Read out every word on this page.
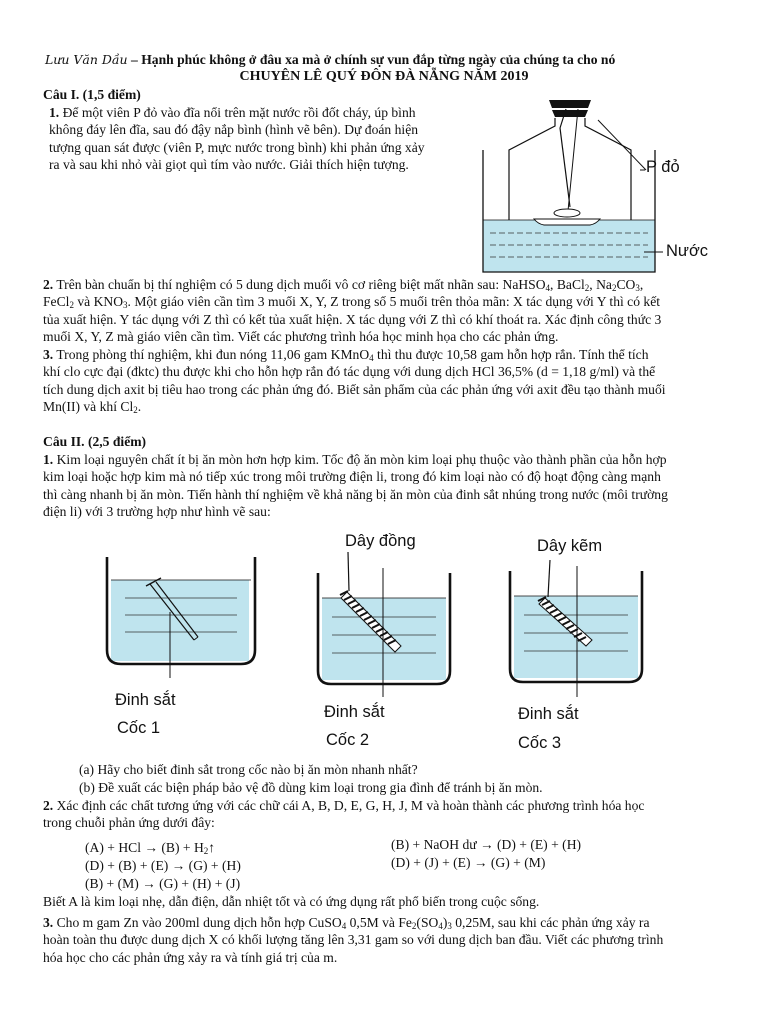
Lưu Văn Dầu – Hạnh phúc không ở đâu xa mà ở chính sự vun đắp từng ngày của chúng ta cho nó
CHUYÊN LÊ QUÝ ĐÔN ĐÀ NẴNG NĂM 2019
Câu I. (1,5 điểm)
1. Để một viên P đỏ vào đĩa nổi trên mặt nước rồi đốt cháy, úp bình
không đáy lên đĩa, sau đó đậy nắp bình (hình vẽ bên). Dự đoán hiện
tượng quan sát được (viên P, mực nước trong bình) khi phản ứng xảy
ra và sau khi nhỏ vài giọt quì tím vào nước. Giải thích hiện tượng.	P đỏ
Nước
2. Trên bàn chuẩn bị thí nghiệm có 5 dung dịch muối vô cơ riêng biệt mất nhãn sau: NaHSO$_4$, BaCl$_2$, $Na_2CO_3$,
FeCl$_2$ và $KNO_3$. Một giáo viên cần tìm 3 muối X, Y, Z trong số 5 muối trên thỏa mãn: X tác dụng với Y thì có kết
tủa xuất hiện. Y tác dụng với Z thì có kết tủa xuất hiện. X tác dụng với Z thì có khí thoát ra. Xác định công thức 3
muối X, Y, Z mà giáo viên cần tìm. Viết các phương trình hóa học minh họa cho các phản ứng.
3. Trong phòng thí nghiệm, khi đun nóng 11,06 gam KMnO$_4$ thì thu được 10,58 gam hỗn hợp rắn. Tính thể tích
khí clo cực đại (đktc) thu được khi cho hỗn hợp rắn đó tác dụng với dung dịch HCl 36,5% (d = 1,18 g/ml) và thể
tích dung dịch axit bị tiêu hao trong các phản ứng đó. Biết sản phẩm của các phản ứng với axit đều tạo thành muối
Mn(II) và khí $Cl_2$.
Câu II. (2,5 điểm)
1. Kim loại nguyên chất ít bị ăn mòn hơn hợp kim. Tốc độ ăn mòn kim loại phụ thuộc vào thành phần của hỗn hợp
kim loại hoặc hợp kim mà nó tiếp xúc trong môi trường điện li, trong đó kim loại nào có độ hoạt động càng mạnh
thì càng nhanh bị ăn mòn. Tiến hành thí nghiệm về khả năng bị ăn mòn của đinh sắt nhúng trong nước (môi trường
điện li) với 3 trường hợp như hình vẽ sau:
Dây đồng	Dây kẽm
Đinh sắt
Cốc 1
Đinh sắt
Cốc 2
Đinh sắt
Cốc 3
(a) Hãy cho biết đinh sắt trong cốc nào bị ăn mòn nhanh nhất?
(b) Đề xuất các biện pháp bảo vệ đồ dùng kim loại trong gia đình để tránh bị ăn mòn.
2. Xác định các chất tương ứng với các chữ cái A, B, D, E, G, H, J, M và hoàn thành các phương trình hóa học
trong chuỗi phản ứng dưới đây:
(A) + HCl → $(B) + H_2↑$	(B) + NaOH dư → (D) + (E) + (H)
(D) + (B) + (E) → (G) + (H)	(D) + (J) + (E) → (G) + (M)
(B) + (M) → (G) + (H) + (J)
Biết A là kim loại nhẹ, dẫn điện, dẫn nhiệt tốt và có ứng dụng rất phổ biến trong cuộc sống.
3. Cho m gam Zn vào 200ml dung dịch hỗn hợp CuSO$_4$ 0,5M và $Fe_2(SO_4)_3$ 0,25M, sau khi các phản ứng xảy ra
hoàn toàn thu được dung dịch X có khối lượng tăng lên 3,31 gam so với dung dịch ban đầu. Viết các phương trình
hóa học cho các phản ứng xảy ra và tính giá trị của m.
